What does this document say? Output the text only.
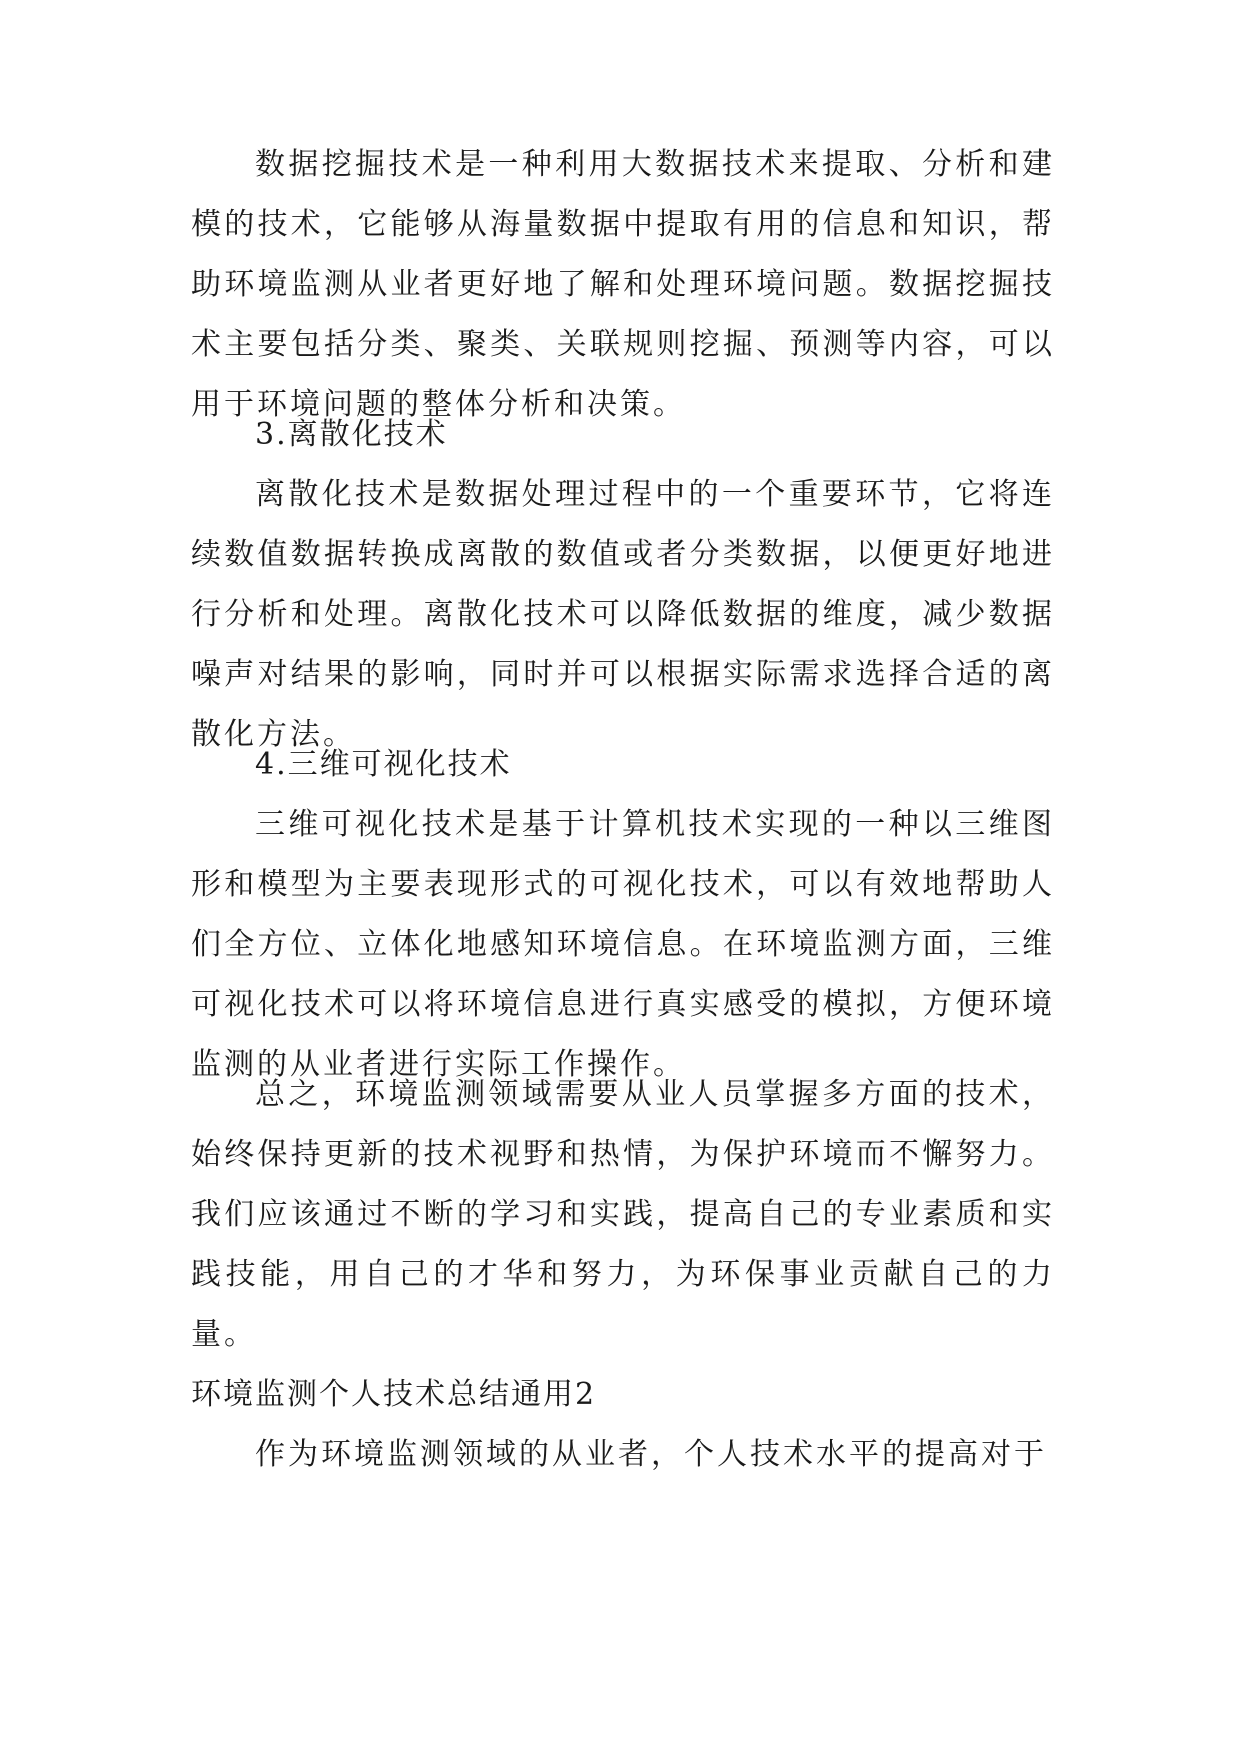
数据挖掘技术是一种利用大数据技术来提取、分析和建模的技术，它能够从海量数据中提取有用的信息和知识，帮助环境监测从业者更好地了解和处理环境问题。数据挖掘技术主要包括分类、聚类、关联规则挖掘、预测等内容，可以用于环境问题的整体分析和决策。

3.离散化技术

离散化技术是数据处理过程中的一个重要环节，它将连续数值数据转换成离散的数值或者分类数据，以便更好地进行分析和处理。离散化技术可以降低数据的维度，减少数据噪声对结果的影响，同时并可以根据实际需求选择合适的离散化方法。

4.三维可视化技术

三维可视化技术是基于计算机技术实现的一种以三维图形和模型为主要表现形式的可视化技术，可以有效地帮助人们全方位、立体化地感知环境信息。在环境监测方面，三维可视化技术可以将环境信息进行真实感受的模拟，方便环境监测的从业者进行实际工作操作。

总之，环境监测领域需要从业人员掌握多方面的技术，始终保持更新的技术视野和热情，为保护环境而不懈努力。我们应该通过不断的学习和实践，提高自己的专业素质和实践技能，用自己的才华和努力，为环保事业贡献自己的力量。

环境监测个人技术总结通用2

作为环境监测领域的从业者，个人技术水平的提高对于
